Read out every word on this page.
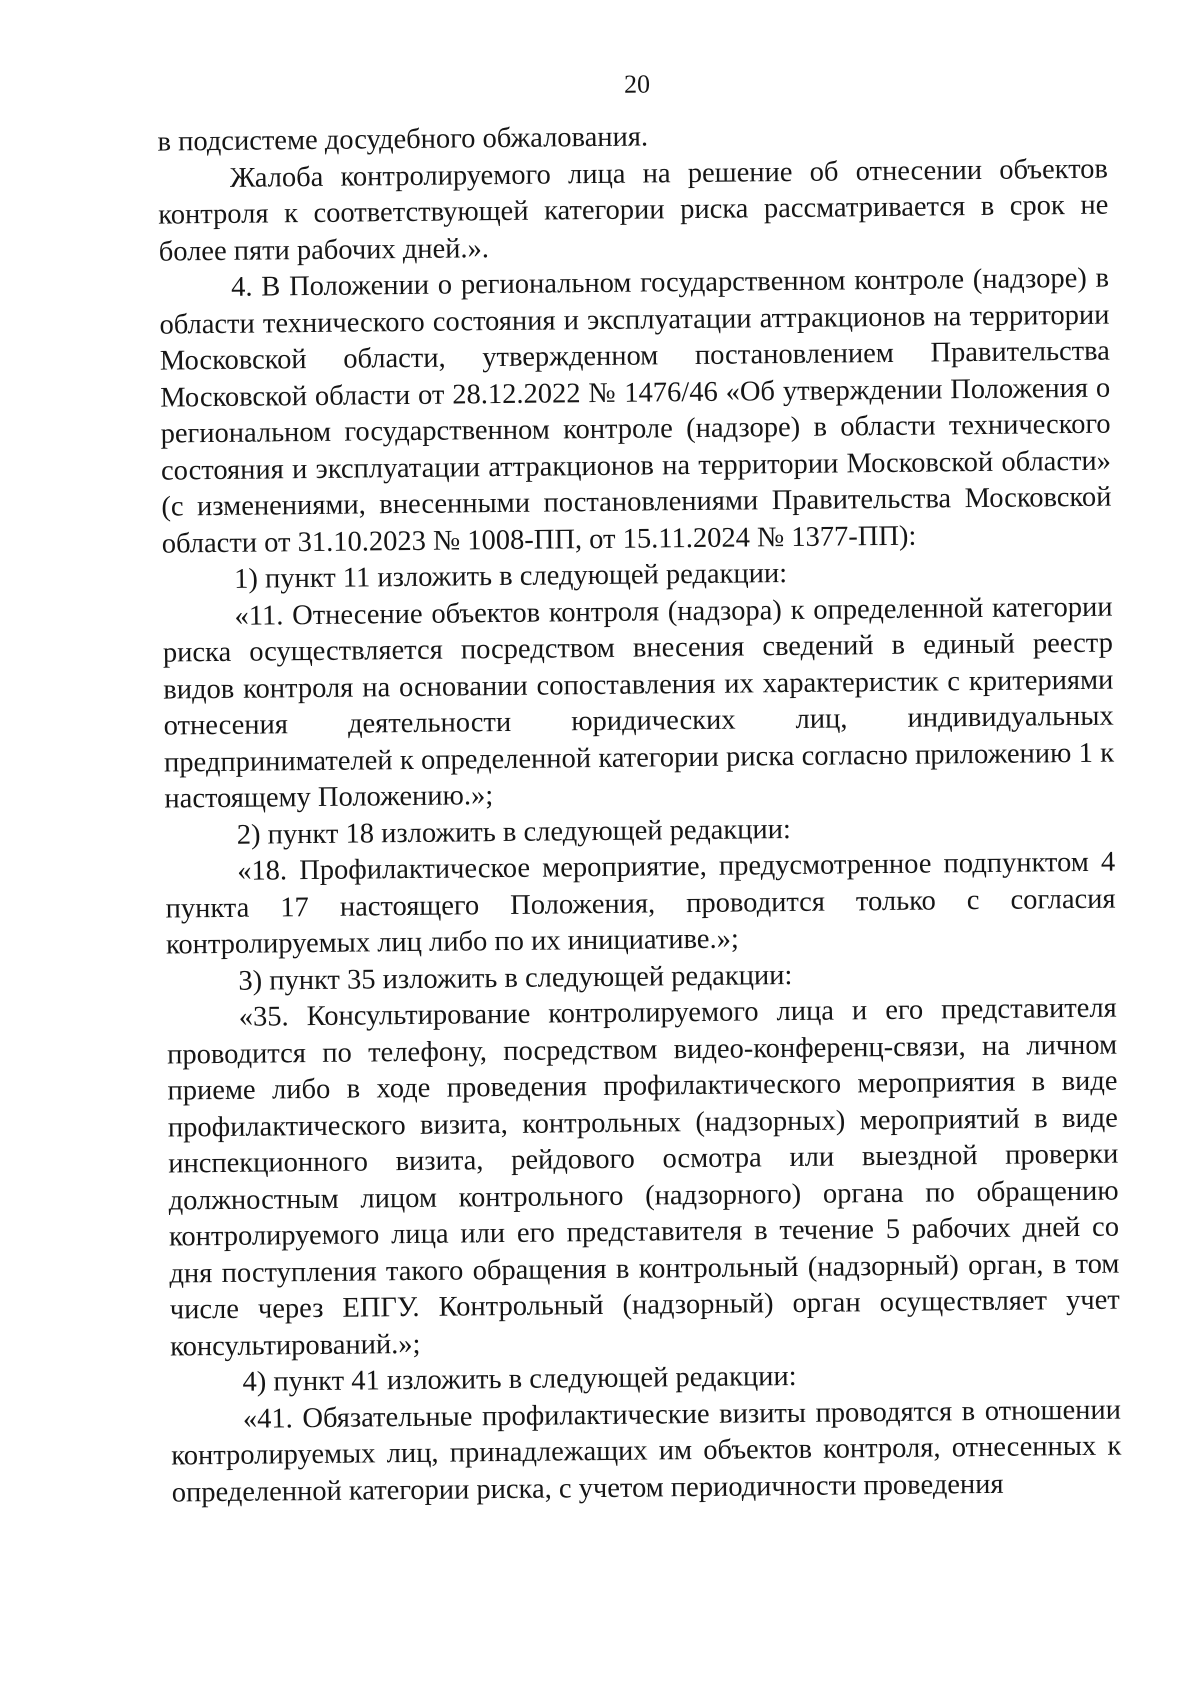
20

в подсистеме досудебного обжалования.

Жалоба контролируемого лица на решение об отнесении объектов контроля к соответствующей категории риска рассматривается в срок не более пяти рабочих дней.».

4. В Положении о региональном государственном контроле (надзоре) в области технического состояния и эксплуатации аттракционов на территории Московской области, утвержденном постановлением Правительства Московской области от 28.12.2022 № 1476/46 «Об утверждении Положения о региональном государственном контроле (надзоре) в области технического состояния и эксплуатации аттракционов на территории Московской области» (с изменениями, внесенными постановлениями Правительства Московской области от 31.10.2023 № 1008-ПП, от 15.11.2024 № 1377-ПП):

1) пункт 11 изложить в следующей редакции:

«11. Отнесение объектов контроля (надзора) к определенной категории риска осуществляется посредством внесения сведений в единый реестр видов контроля на основании сопоставления их характеристик с критериями отнесения деятельности юридических лиц, индивидуальных предпринимателей к определенной категории риска согласно приложению 1 к настоящему Положению.»;

2) пункт 18 изложить в следующей редакции:

«18. Профилактическое мероприятие, предусмотренное подпунктом 4 пункта 17 настоящего Положения, проводится только с согласия контролируемых лиц либо по их инициативе.»;

3) пункт 35 изложить в следующей редакции:

«35. Консультирование контролируемого лица и его представителя проводится по телефону, посредством видео-конференц-связи, на личном приеме либо в ходе проведения профилактического мероприятия в виде профилактического визита, контрольных (надзорных) мероприятий в виде инспекционного визита, рейдового осмотра или выездной проверки должностным лицом контрольного (надзорного) органа по обращению контролируемого лица или его представителя в течение 5 рабочих дней со дня поступления такого обращения в контрольный (надзорный) орган, в том числе через ЕПГУ. Контрольный (надзорный) орган осуществляет учет консультирований.»;

4) пункт 41 изложить в следующей редакции:

«41. Обязательные профилактические визиты проводятся в отношении контролируемых лиц, принадлежащих им объектов контроля, отнесенных к определенной категории риска, с учетом периодичности проведения
